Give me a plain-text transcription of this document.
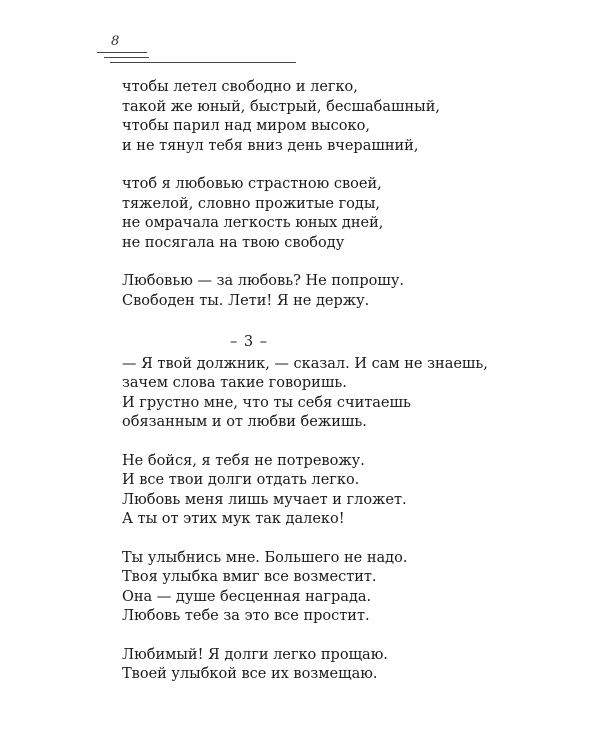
8
чтобы летел свободно и легко,
такой же юный, быстрый, бесшабашный,
чтобы парил над миром высоко,
и не тянул тебя вниз день вчерашний,
чтоб я любовью страстною своей,
тяжелой, словно прожитые годы,
не омрачала легкость юных дней,
не посягала на твою свободу
Любовью — за любовь? Не попрошу.
Свободен ты. Лети! Я не держу.
– 3 –
— Я твой должник, — сказал. И сам не знаешь,
зачем слова такие говоришь.
И грустно мне, что ты себя считаешь
обязанным и от любви бежишь.
Не бойся, я тебя не потревожу.
И все твои долги отдать легко.
Любовь меня лишь мучает и гложет.
А ты от этих мук так далеко!
Ты улыбнись мне. Большего не надо.
Твоя улыбка вмиг все возместит.
Она — душе бесценная награда.
Любовь тебе за это все простит.
Любимый! Я долги легко прощаю.
Твоей улыбкой все их возмещаю.
